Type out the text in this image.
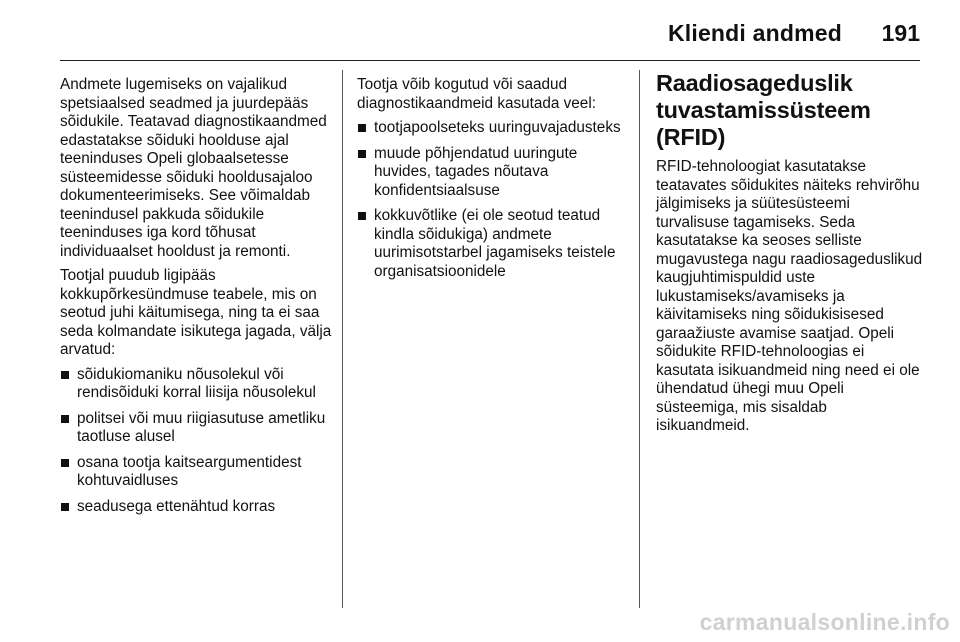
Kliendi andmed 191

Andmete lugemiseks on vajalikud spetsiaalsed seadmed ja juurdepääs sõidukile. Teatavad diagnostikaandmed edastatakse sõiduki hoolduse ajal teeninduses Opeli globaalsetesse süsteemidesse sõiduki hooldusajaloo dokumenteerimiseks. See võimaldab teenindusel pakkuda sõidukile teeninduses iga kord tõhusat individuaalset hooldust ja remonti.

Tootjal puudub ligipääs kokkupõrkesündmuse teabele, mis on seotud juhi käitumisega, ning ta ei saa seda kolmandate isikutega jagada, välja arvatud:

sõidukiomaniku nõusolekul või rendisõiduki korral liisija nõusolekul
politsei või muu riigiasutuse ametliku taotluse alusel
osana tootja kaitseargumentidest kohtuvaidluses
seadusega ettenähtud korras

Tootja võib kogutud või saadud diagnostikaandmeid kasutada veel:

tootjapoolseteks uuringuvajadusteks
muude põhjendatud uuringute huvides, tagades nõutava konfidentsiaalsuse
kokkuvõtlike (ei ole seotud teatud kindla sõidukiga) andmete uurimisotstarbel jagamiseks teistele organisatsioonidele
Raadiosageduslik tuvastamissüsteem (RFID)

RFID-tehnoloogiat kasutatakse teatavates sõidukites näiteks rehvirõhu jälgimiseks ja süütesüsteemi turvalisuse tagamiseks. Seda kasutatakse ka seoses selliste mugavustega nagu raadiosageduslikud kaugjuhtimispuldid uste lukustamiseks/avamiseks ja käivitamiseks ning sõidukisisesed garaažiuste avamise saatjad. Opeli sõidukite RFID-tehnoloogias ei kasutata isikuandmeid ning need ei ole ühendatud ühegi muu Opeli süsteemiga, mis sisaldab isikuandmeid.

carmanualsonline.info
